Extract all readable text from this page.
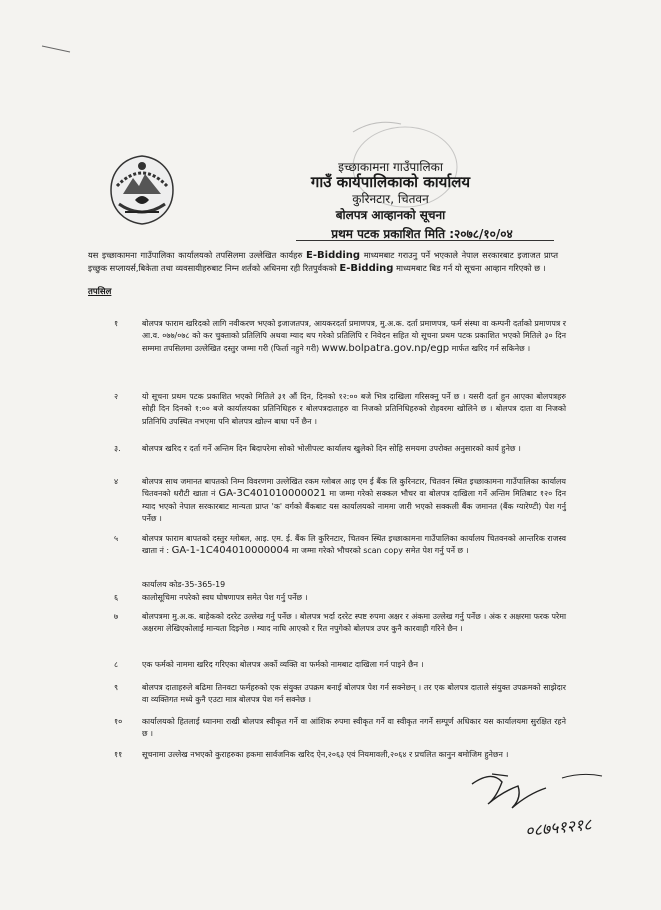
इच्छाकामना गाउँपालिका
गाउँ कार्यपालिकाको कार्यालय
कुरिनटार, चितवन
बोलपत्र आव्हानको सूचना
प्रथम पटक प्रकाशित मिति :२०७८/१०/०४
यस इच्छाकामना गाउँपालिका कार्यालयको तपसिलमा उल्लेखित कार्यहरु E-Bidding माध्यमबाट गराउनु पर्ने भएकाले नेपाल सरकारबाट इजाजत प्राप्त इच्छुक सप्लायर्स,बिकेता तथा व्यवसायीहरुबाट निम्न शर्तको अधिनमा रही रितपुर्वकको E-Bidding माध्यमबाट बिड गर्न यो सूचना आव्हान गरिएको छ ।
तपसिल
१	बोलपत्र फाराम खरिदको लागि नवीकरण भएको इजाजतपत्र, आयकरदर्ता प्रमाणपत्र, मु.अ.क. दर्ता प्रमाणपत्र, फर्म संस्था वा कम्पनी दर्ताको प्रमाणपत्र र आ.व. ०७७/०७८ को कर चुक्ताको प्रतिलिपि अथवा म्याद थप गरेको प्रतिलिपि र निवेदन सहित यो सूचना प्रथम पटक प्रकाशित भएको मितिले ३० दिन सम्ममा तपसिलमा उल्लेखित दस्तुर जम्मा गरी (फिर्ता नहुने गरी) www.bolpatra.gov.np/egp मार्फत खरिद गर्न सकिनेछ ।
२	यो सूचना प्रथम पटक प्रकाशित भएको मितिले ३१ औं दिन, दिनको १२:०० बजे भित्र दाखिला गरिसक्नु पर्ने छ । यसरी दर्ता हुन आएका बोलपत्रहरु सोही दिन दिनको १:०० बजे कार्यालयका प्रतिनिधिहरु र बोलपत्रदाताहरु वा निजको प्रतिनिधिहरुको रोहवरमा खोलिने छ । बोलपत्र दाता वा निजको प्रतिनिधि उपस्थित नभएमा पनि बोलपत्र खोल्न बाधा पर्ने छैन ।
३.	बोलपत्र खरिद र दर्ता गर्ने अन्तिम दिन बिदापरेमा सोको भोलीपल्ट कार्यालय खुलेको दिन सोहि समयमा उपरोक्त अनुसारको कार्य हुनेछ ।
४	बोलपत्र साथ जमानत बापतको निम्न विवरणमा उल्लेखित रकम ग्लोबल आइ एम ई बैंक लि कुरिनटार, चितवन स्थित इच्छाकामना गाउँपालिका कार्यालय चितवनको धरौटी खाता नं GA-3C401010000021 मा जम्मा गरेको सक्कल भौचर वा बोलपत्र दाखिला गर्ने अन्तिम मितिबाट १२० दिन म्याद भएको नेपाल सरकारबाट मान्यता प्राप्त 'क' वर्गको बैंकबाट यस कार्यालयको नाममा जारी भएको सक्कली बैंक जमानत (बैंक ग्यारेण्टी) पेश गर्नु पर्नेछ ।
५	बोलपत्र फाराम बापतको दस्तुर ग्लोबल, आइ. एम. ई. बैंक लि कुरिनटार, चितवन स्थित इच्छाकामना गाउँपालिका कार्यालय चितवनको आन्तरिक राजस्व खाता नं : GA-1-1C404010000004 मा जम्मा गरेको भौचरको scan copy समेत पेश गर्नु पर्ने छ ।
कार्यालय कोड-35-365-19
६	कालोसूचिमा नपरेको स्वघ घोषणापत्र समेत पेश गर्नु पर्नेछ ।
७	बोलपत्रमा मु.अ.क. बाहेकको दररेट उल्लेख गर्नु पर्नेछ । बोलपत्र भर्दा दररेट स्पष्ट रुपमा अक्षर र अंकमा उल्लेख गर्नु पर्नेछ । अंक र अक्षरमा फरक परेमा अक्षरमा लेखिएकोलाई मान्यता दिइनेछ । म्याद नाघि आएको र रित नपुगेको बोलपत्र उपर कुनै कारवाही गरिने छैन ।
८	एक फर्मको नाममा खरिद गरिएका बोलपत्र अर्को व्यक्ति वा फर्मको नामबाट दाखिला गर्न पाइने छैन ।
९	बोलपत्र दाताहरुले बढिमा तिनवटा फर्महरुको एक संयुक्त उपक्रम बनाई बोलपत्र पेश गर्न सक्नेछन् । तर एक बोलपत्र दाताले संयुक्त उपक्रमको साझेदार वा व्यक्तिगत मध्ये कुनै एउटा मात्र बोलपत्र पेश गर्न सक्नेछ ।
१०	कार्यालयको हितलाई ध्यानमा राखी बोलपत्र स्वीकृत गर्ने वा आंशिक रुपमा स्वीकृत गर्ने वा स्वीकृत नगर्ने सम्पूर्ण अधिकार यस कार्यालयमा सुरक्षित रहने छ ।
११	सूचनामा उल्लेख नभएको कुराहरुका हकमा सार्वजनिक खरिद ऐन,२०६३ एवं नियमावली,२०६४ र प्रचलित कानुन बमोजिम हुनेछन ।
०८७५१२१८
